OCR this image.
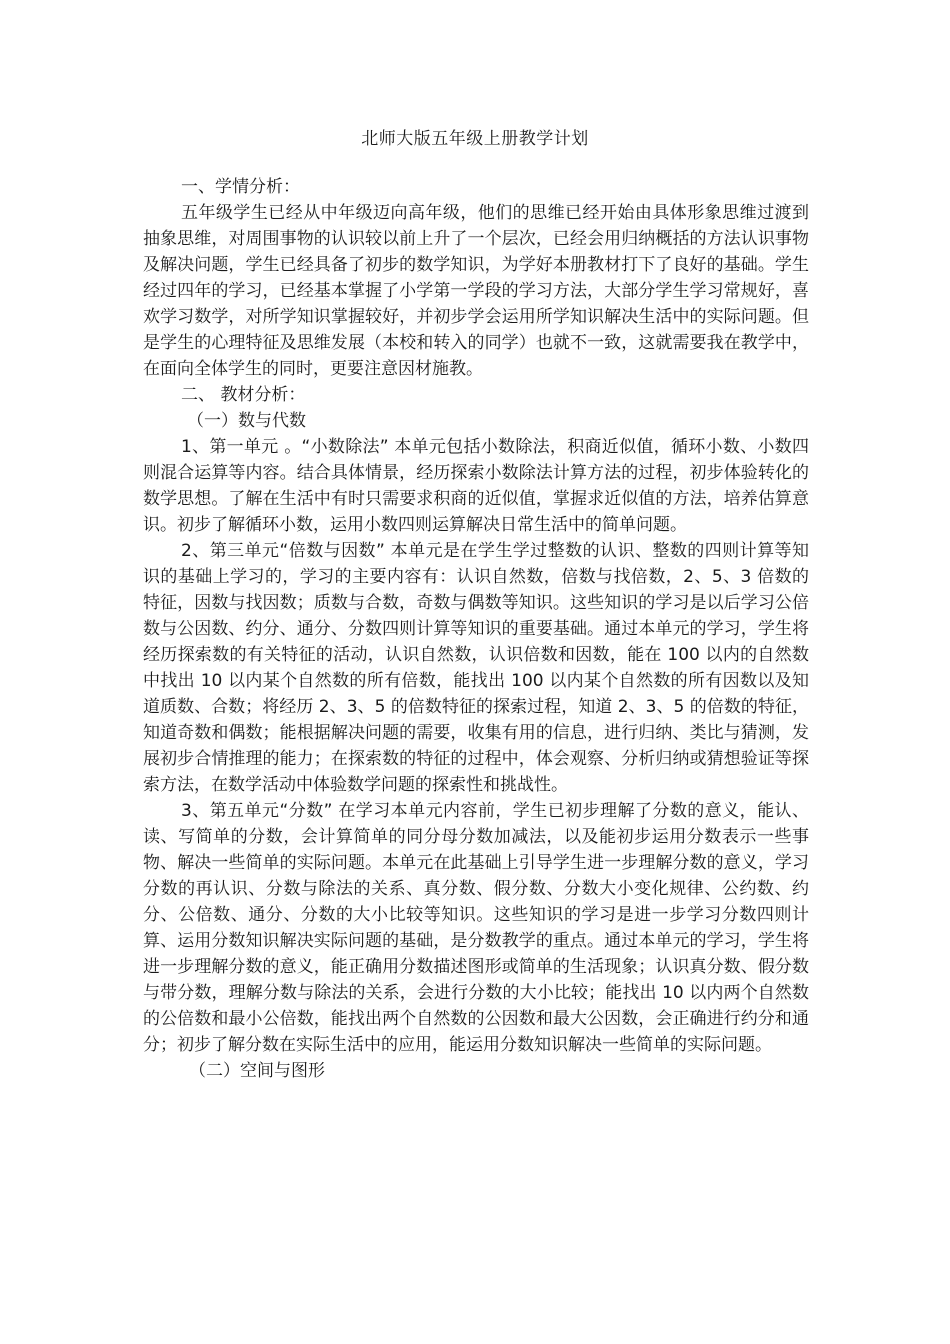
北师大版五年级上册教学计划

一、学情分析：

五年级学生已经从中年级迈向高年级，他们的思维已经开始由具体形象思维过渡到抽象思维，对周围事物的认识较以前上升了一个层次，已经会用归纳概括的方法认识事物及解决问题，学生已经具备了初步的数学知识，为学好本册教材打下了良好的基础。学生经过四年的学习，已经基本掌握了小学第一学段的学习方法，大部分学生学习常规好，喜欢学习数学，对所学知识掌握较好，并初步学会运用所学知识解决生活中的实际问题。但是学生的心理特征及思维发展（本校和转入的同学）也就不一致，这就需要我在教学中，在面向全体学生的同时，更要注意因材施教。

二、 教材分析：

（一）数与代数

1、第一单元 。“小数除法” 本单元包括小数除法，积商近似值，循环小数、小数四则混合运算等内容。结合具体情景，经历探索小数除法计算方法的过程，初步体验转化的数学思想。了解在生活中有时只需要求积商的近似值，掌握求近似值的方法，培养估算意识。初步了解循环小数，运用小数四则运算解决日常生活中的简单问题。

2、第三单元“倍数与因数” 本单元是在学生学过整数的认识、整数的四则计算等知识的基础上学习的，学习的主要内容有：认识自然数，倍数与找倍数，2、5、3 倍数的特征，因数与找因数；质数与合数，奇数与偶数等知识。这些知识的学习是以后学习公倍数与公因数、约分、通分、分数四则计算等知识的重要基础。通过本单元的学习，学生将经历探索数的有关特征的活动，认识自然数，认识倍数和因数，能在 100 以内的自然数中找出 10 以内某个自然数的所有倍数，能找出 100 以内某个自然数的所有因数以及知道质数、合数；将经历 2、3、5 的倍数特征的探索过程，知道 2、3、5 的倍数的特征，知道奇数和偶数；能根据解决问题的需要，收集有用的信息，进行归纳、类比与猜测，发展初步合情推理的能力；在探索数的特征的过程中，体会观察、分析归纳或猜想验证等探索方法，在数学活动中体验数学问题的探索性和挑战性。

3、第五单元“分数” 在学习本单元内容前，学生已初步理解了分数的意义，能认、读、写简单的分数，会计算简单的同分母分数加减法，以及能初步运用分数表示一些事物、解决一些简单的实际问题。本单元在此基础上引导学生进一步理解分数的意义，学习分数的再认识、分数与除法的关系、真分数、假分数、分数大小变化规律、公约数、约分、公倍数、通分、分数的大小比较等知识。这些知识的学习是进一步学习分数四则计算、运用分数知识解决实际问题的基础，是分数教学的重点。通过本单元的学习，学生将进一步理解分数的意义，能正确用分数描述图形或简单的生活现象；认识真分数、假分数与带分数，理解分数与除法的关系，会进行分数的大小比较；能找出 10 以内两个自然数的公倍数和最小公倍数，能找出两个自然数的公因数和最大公因数，会正确进行约分和通分；初步了解分数在实际生活中的应用，能运用分数知识解决一些简单的实际问题。

（二）空间与图形
